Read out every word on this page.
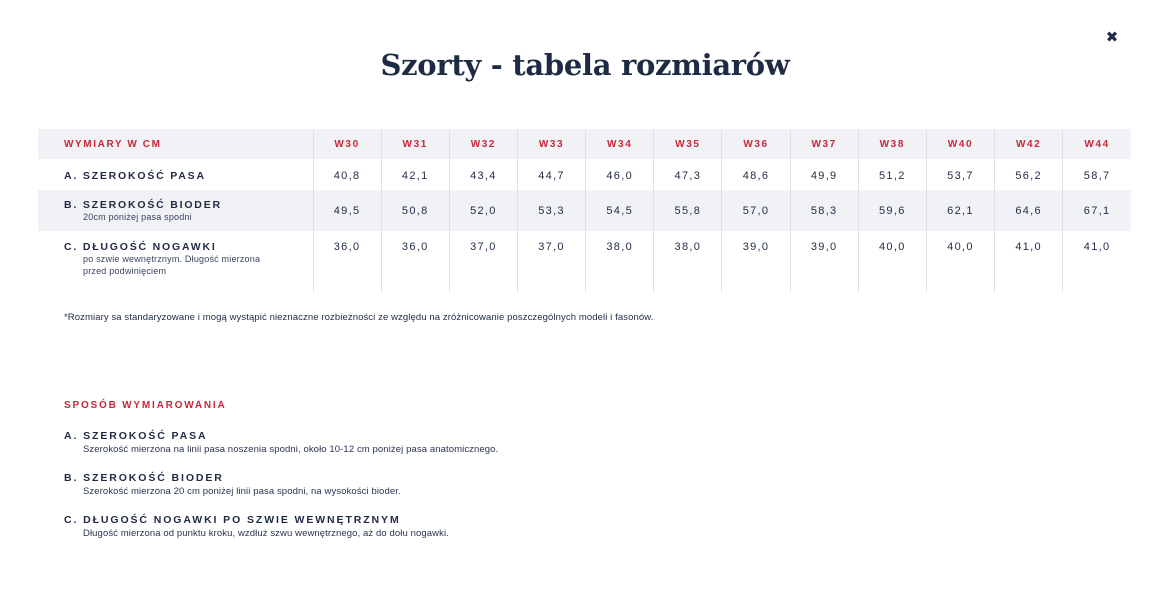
✖
Szorty - tabela rozmiarów
WYMIARY W CM	W30	W31	W32	W33	W34	W35	W36	W37	W38	W40	W42	W44

A. SZEROKOŚĆ PASA	40,8	42,1	43,4	44,7	46,0	47,3	48,6	49,9	51,2	53,7	56,2	58,7

B. SZEROKOŚĆ BIODER
20cm poniżej pasa spodni	49,5	50,8	52,0	53,3	54,5	55,8	57,0	58,3	59,6	62,1	64,6	67,1

C. DŁUGOŚĆ NOGAWKI
po szwie wewnętrznym. Długość mierzona przed podwinięciem	36,0	36,0	37,0	37,0	38,0	38,0	39,0	39,0	40,0	40,0	41,0	41,0
*Rozmiary sa standaryzowane i mogą wystąpić nieznaczne rozbieżności ze względu na zróżnicowanie poszczególnych modeli i fasonów.
SPOSÓB WYMIAROWANIA
A. SZEROKOŚĆ PASA
Szerokość mierzona na linii pasa noszenia spodni, około 10-12 cm poniżej pasa anatomicznego.
B. SZEROKOŚĆ BIODER
Szerokość mierzona 20 cm poniżej linii pasa spodni, na wysokości bioder.
C. DŁUGOŚĆ NOGAWKI PO SZWIE WEWNĘTRZNYM
Długość mierzona od punktu kroku, wzdłuż szwu wewnętrznego, aż do dołu nogawki.
